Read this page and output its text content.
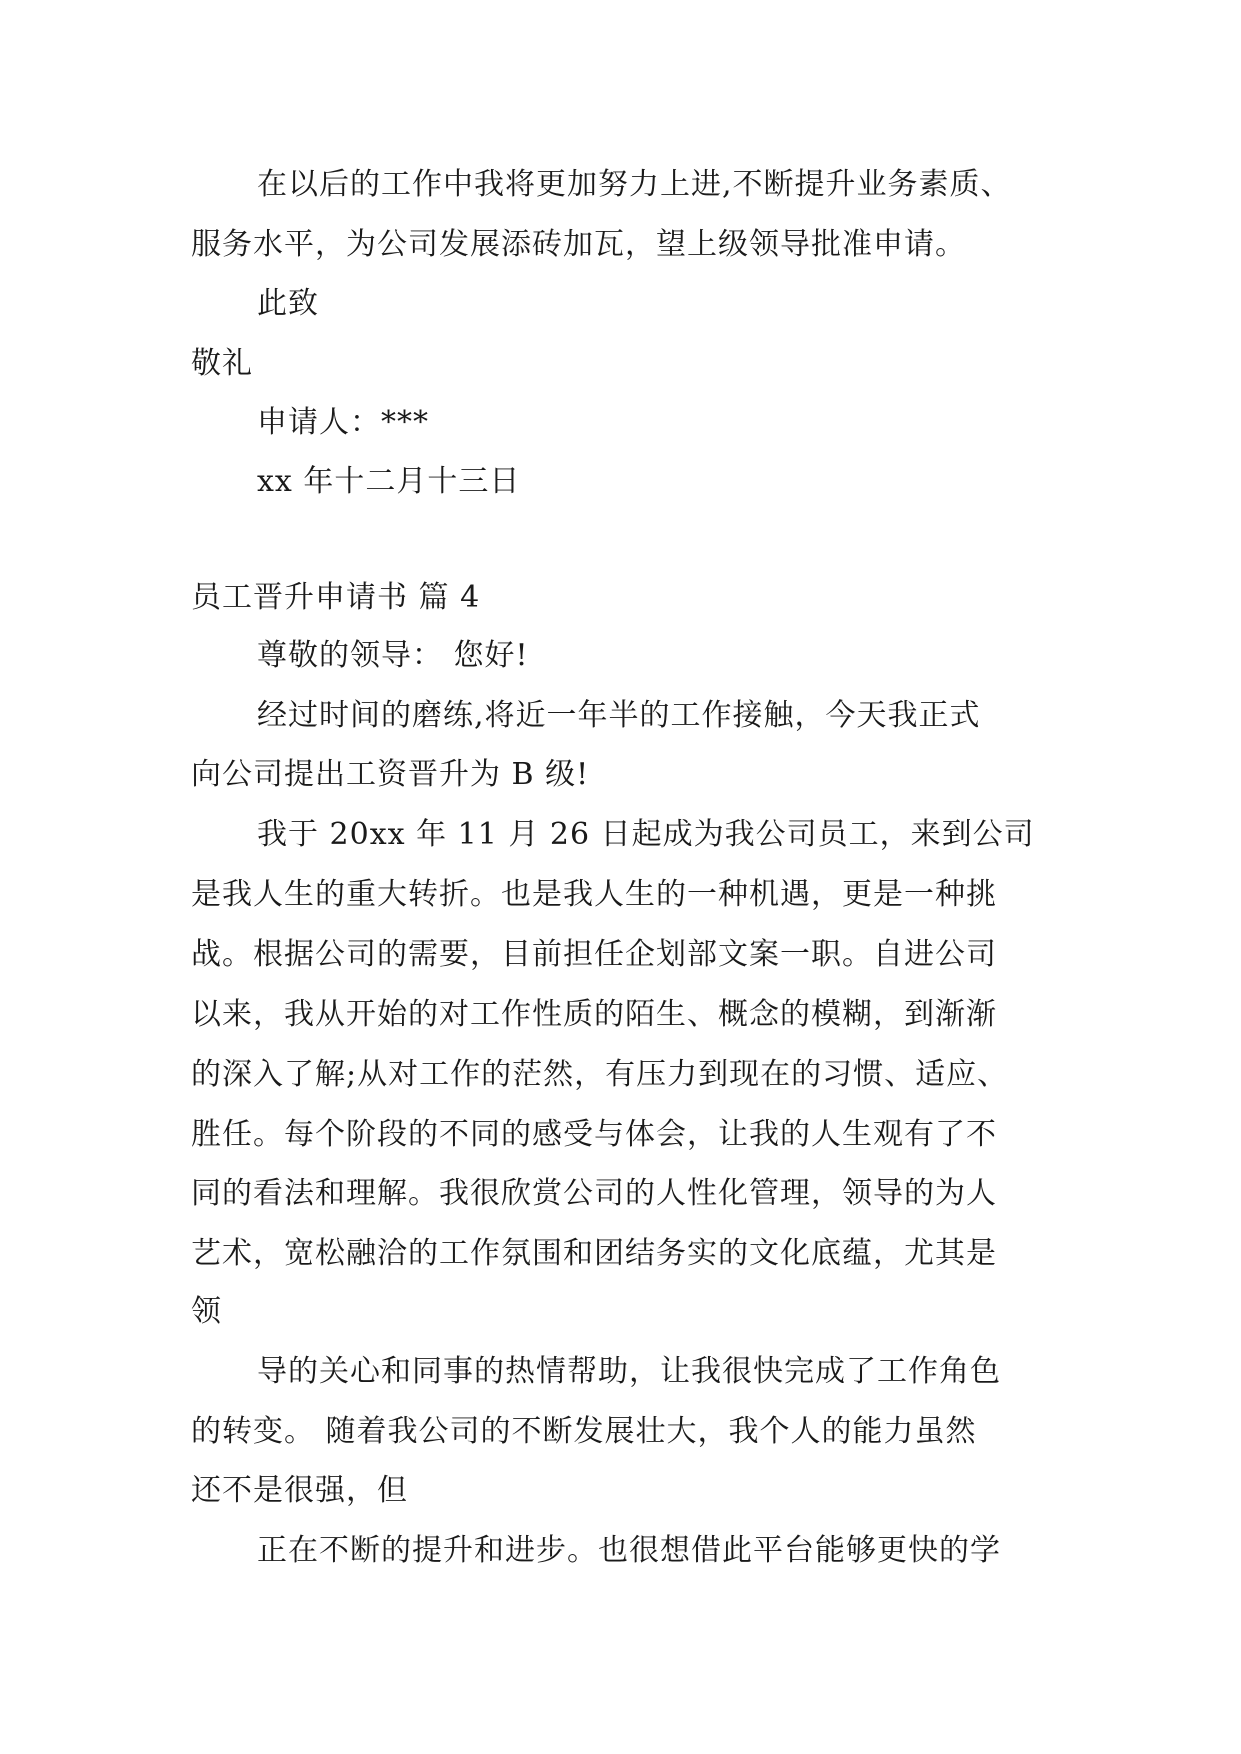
在以后的工作中我将更加努力上进,不断提升业务素质、
服务水平，为公司发展添砖加瓦，望上级领导批准申请。
此致
敬礼
申请人：***
xx 年十二月十三日
员工晋升申请书 篇 4
尊敬的领导： 您好!
经过时间的磨练,将近一年半的工作接触，今天我正式
向公司提出工资晋升为 B 级!
我于 20xx 年 11 月 26 日起成为我公司员工，来到公司
是我人生的重大转折。也是我人生的一种机遇，更是一种挑
战。根据公司的需要，目前担任企划部文案一职。自进公司
以来，我从开始的对工作性质的陌生、概念的模糊，到渐渐
的深入了解;从对工作的茫然，有压力到现在的习惯、适应、
胜任。每个阶段的不同的感受与体会，让我的人生观有了不
同的看法和理解。我很欣赏公司的人性化管理，领导的为人
艺术，宽松融洽的工作氛围和团结务实的文化底蕴，尤其是
领
导的关心和同事的热情帮助，让我很快完成了工作角色
的转变。 随着我公司的不断发展壮大，我个人的能力虽然
还不是很强，但
正在不断的提升和进步。也很想借此平台能够更快的学
